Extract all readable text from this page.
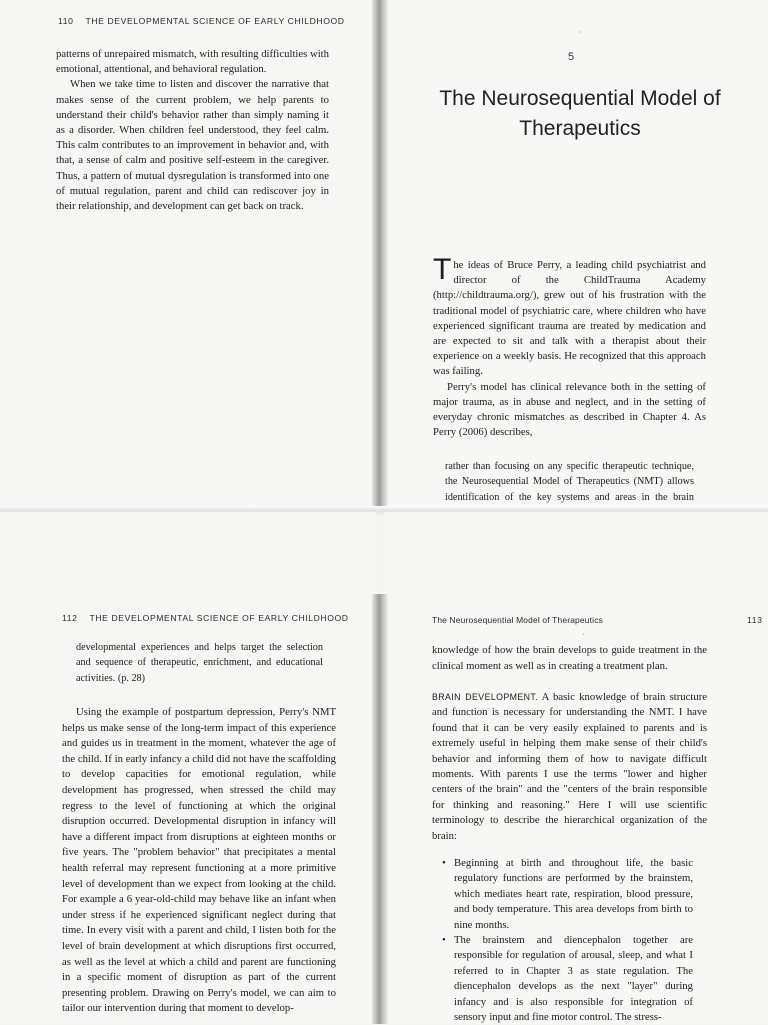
110 THE DEVELOPMENTAL SCIENCE OF EARLY CHILDHOOD

patterns of unrepaired mismatch, with resulting difficulties with emotional, attentional, and behavioral regulation.

When we take time to listen and discover the narrative that makes sense of the current problem, we help parents to understand their child's behavior rather than simply naming it as a disorder. When children feel understood, they feel calm. This calm contributes to an improvement in behavior and, with that, a sense of calm and positive self-esteem in the caregiver. Thus, a pattern of mutual dysregulation is transformed into one of mutual regulation, parent and child can rediscover joy in their relationship, and development can get back on track.

·
5
The Neurosequential Model of Therapeutics

The ideas of Bruce Perry, a leading child psychiatrist and director of the ChildTrauma Academy (http://childtrauma.org/), grew out of his frustration with the traditional model of psychiatric care, where children who have experienced significant trauma are treated by medication and are expected to sit and talk with a therapist about their experience on a weekly basis. He recognized that this approach was failing.

Perry's model has clinical relevance both in the setting of major trauma, as in abuse and neglect, and in the setting of everyday chronic mismatches as described in Chapter 4. As Perry (2006) describes,

rather than focusing on any specific therapeutic technique, the Neurosequential Model of Therapeutics (NMT) allows identification of the key systems and areas in the brain

112 THE DEVELOPMENTAL SCIENCE OF EARLY CHILDHOOD

developmental experiences and helps target the selection and sequence of therapeutic, enrichment, and educational activities. (p. 28)

Using the example of postpartum depression, Perry's NMT helps us make sense of the long-term impact of this experience and guides us in treatment in the moment, whatever the age of the child. If in early infancy a child did not have the scaffolding to develop capacities for emotional regulation, while development has progressed, when stressed the child may regress to the level of functioning at which the original disruption occurred. Developmental disruption in infancy will have a different impact from disruptions at eighteen months or five years. The "problem behavior" that precipitates a mental health referral may represent functioning at a more primitive level of development than we expect from looking at the child. For example a 6 year-old-child may behave like an infant when under stress if he experienced significant neglect during that time. In every visit with a parent and child, I listen both for the level of brain development at which disruptions first occurred, as well as the level at which a child and parent are functioning in a specific moment of disruption as part of the current presenting problem. Drawing on Perry's model, we can aim to tailor our intervention during that moment to develop-

The Neurosequential Model of Therapeutics	113
·

knowledge of how the brain develops to guide treatment in the clinical moment as well as in creating a treatment plan.

BRAIN DEVELOPMENT. A basic knowledge of brain structure and function is necessary for understanding the NMT. I have found that it can be very easily explained to parents and is extremely useful in helping them make sense of their child's behavior and informing them of how to navigate difficult moments. With parents I use the terms "lower and higher centers of the brain" and the "centers of the brain responsible for thinking and reasoning." Here I will use scientific terminology to describe the hierarchical organization of the brain:

• Beginning at birth and throughout life, the basic regulatory functions are performed by the brainstem, which mediates heart rate, respiration, blood pressure, and body temperature. This area develops from birth to nine months.
• The brainstem and diencephalon together are responsible for regulation of arousal, sleep, and what I referred to in Chapter 3 as state regulation. The diencephalon develops as the next "layer" during infancy and is also responsible for integration of sensory input and fine motor control. The stress-
